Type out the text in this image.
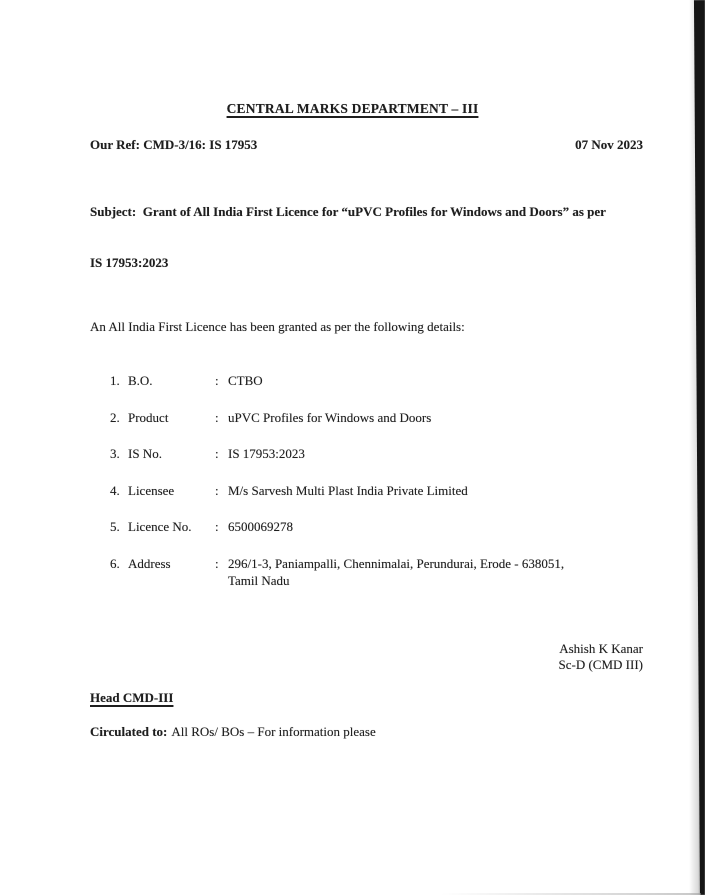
CENTRAL MARKS DEPARTMENT – III
Our Ref: CMD-3/16: IS 17953	07 Nov 2023

Subject:  Grant of All India First Licence for “uPVC Profiles for Windows and Doors” as per

IS 17953:2023

An All India First Licence has been granted as per the following details:
1. B.O.	: CTBO
2. Product	: uPVC Profiles for Windows and Doors
3. IS No.	: IS 17953:2023
4. Licensee	: M/s Sarvesh Multi Plast India Private Limited
5. Licence No.	: 6500069278
6. Address	: 296/1-3, Paniampalli, Chennimalai, Perundurai, Erode - 638051, Tamil Nadu
Ashish K Kanar
Sc-D (CMD III)
Head CMD-III
Circulated to: All ROs/ BOs – For information please
